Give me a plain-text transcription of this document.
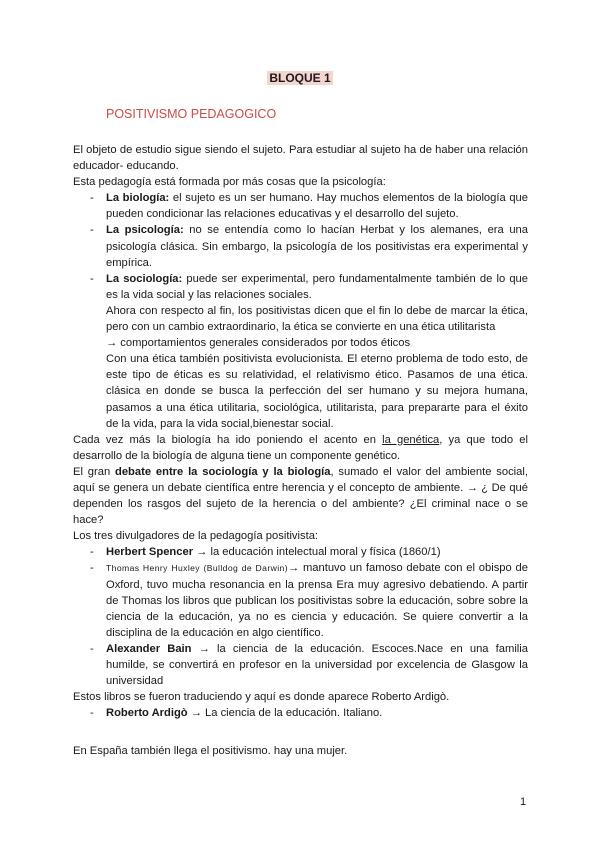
BLOQUE 1
POSITIVISMO PEDAGOGICO

El objeto de estudio sigue siendo el sujeto. Para estudiar al sujeto ha de haber una relación educador- educando.

Esta pedagogía está formada por más cosas que la psicología:

- La biología: el sujeto es un ser humano. Hay muchos elementos de la biología que pueden condicionar las relaciones educativas y el desarrollo del sujeto.

- La psicología: no se entendía como lo hacían Herbat y los alemanes, era una psicología clásica. Sin embargo, la psicología de los positivistas era experimental y empírica.

- La sociología: puede ser experimental, pero fundamentalmente también de lo que es la vida social y las relaciones sociales.

Ahora con respecto al fin, los positivistas dicen que el fin lo debe de marcar la ética, pero con un cambio extraordinario, la ética se convierte en una ética utilitarista

→ comportamientos generales considerados por todos éticos

Con una ética también positivista evolucionista. El eterno problema de todo esto, de este tipo de éticas es su relatividad, el relativismo ético. Pasamos de una ética. clásica en donde se busca la perfección del ser humano y su mejora humana, pasamos a una ética utilitaria, sociológica, utilitarista, para prepararte para el éxito de la vida, para la vida social,bienestar social.

Cada vez más la biología ha ido poniendo el acento en la genética, ya que todo el desarrollo de la biología de alguna tiene un componente genético.

El gran debate entre la sociología y la biología, sumado el valor del ambiente social, aquí se genera un debate científica entre herencia y el concepto de ambiente. → ¿ De qué dependen los rasgos del sujeto de la herencia o del ambiente? ¿El criminal nace o se hace?

Los tres divulgadores de la pedagogía positivista:

- Herbert Spencer → la educación intelectual moral y física (1860/1)

- Thomas Henry Huxley (Bulldog de Darwin)→ mantuvo un famoso debate con el obispo de Oxford, tuvo mucha resonancia en la prensa Era muy agresivo debatiendo. A partir de Thomas los libros que publican los positivistas sobre la educación, sobre sobre la ciencia de la educación, ya no es ciencia y educación. Se quiere convertir a la disciplina de la educación en algo científico.

- Alexander Bain → la ciencia de la educación. Escoces.Nace en una familia humilde, se convertirá en profesor en la universidad por excelencia de Glasgow la universidad

Estos libros se fueron traduciendo y aquí es donde aparece Roberto Ardigò.

- Roberto Ardigò → La ciencia de la educación. Italiano.

En España también llega el positivismo. hay una mujer.

1
